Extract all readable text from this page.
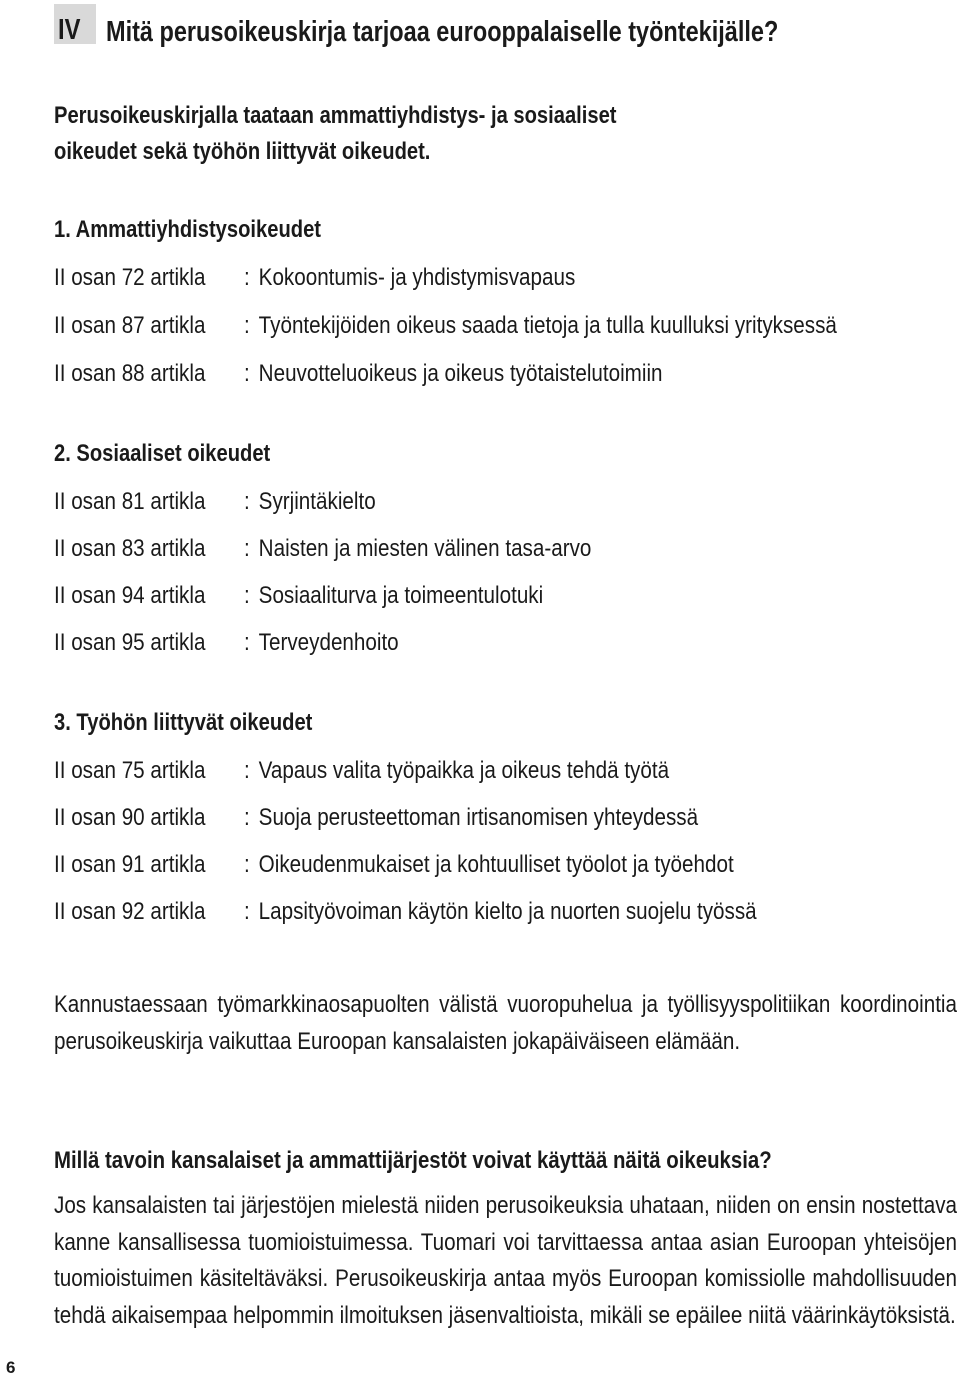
IV Mitä perusoikeuskirja tarjoaa eurooppalaiselle työntekijälle?
Perusoikeuskirjalla taataan ammattiyhdistys- ja sosiaaliset
oikeudet sekä työhön liittyvät oikeudet.
1. Ammattiyhdistysoikeudet
II osan 72 artikla : Kokoontumis- ja yhdistymisvapaus
II osan 87 artikla : Työntekijöiden oikeus saada tietoja ja tulla kuulluksi yrityksessä
II osan 88 artikla : Neuvotteluoikeus ja oikeus työtaistelutoimiin
2. Sosiaaliset oikeudet
II osan 81 artikla : Syrjintäkielto
II osan 83 artikla : Naisten ja miesten välinen tasa-arvo
II osan 94 artikla : Sosiaaliturva ja toimeentulotuki
II osan 95 artikla : Terveydenhoito
3. Työhön liittyvät oikeudet
II osan 75 artikla : Vapaus valita työpaikka ja oikeus tehdä työtä
II osan 90 artikla : Suoja perusteettoman irtisanomisen yhteydessä
II osan 91 artikla : Oikeudenmukaiset ja kohtuulliset työolot ja työehdot
II osan 92 artikla : Lapsityövoiman käytön kielto ja nuorten suojelu työssä
Kannustaessaan työmarkkinaosapuolten välistä vuoropuhelua ja työllisyyspolitiikan koordinointia perusoikeuskirja vaikuttaa Euroopan kansalaisten jokapäiväiseen elämään.
Millä tavoin kansalaiset ja ammattijärjestöt voivat käyttää näitä oikeuksia?
Jos kansalaisten tai järjestöjen mielestä niiden perusoikeuksia uhataan, niiden on ensin nostettava kanne kansallisessa tuomioistuimessa. Tuomari voi tarvittaessa antaa asian Euroopan yhteisöjen tuomioistuimen käsiteltäväksi. Perusoikeuskirja antaa myös Euroopan komissiolle mahdollisuuden tehdä aikaisempaa helpommin ilmoituksen jäsenvaltioista, mikäli se epäilee niitä väärinkäytöksistä.
6
